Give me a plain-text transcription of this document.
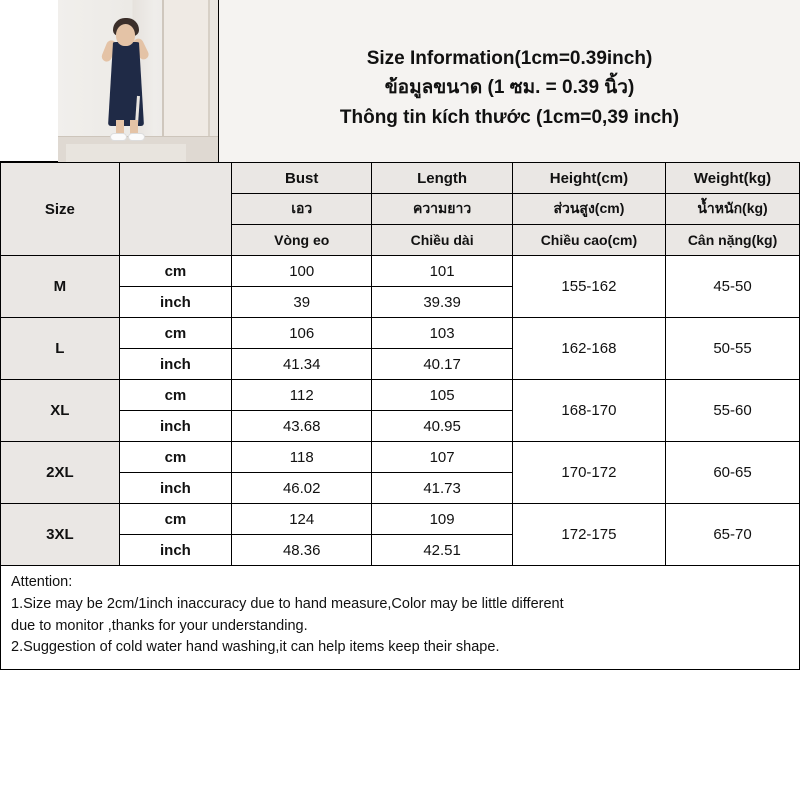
Size Information(1cm=0.39inch)
ข้อมูลขนาด (1 ซม. = 0.39 นิ้ว)
Thông tin kích thước (1cm=0,39 inch)
Size		Bust	Length	Height(cm)	Weight(kg)
		เอว	ความยาว	ส่วนสูง(cm)	น้ำหนัก(kg)
		Vòng eo	Chiều dài	Chiều cao(cm)	Cân nặng(kg)
M	cm	100	101	155-162	45-50
	inch	39	39.39		
L	cm	106	103	162-168	50-55
	inch	41.34	40.17		
XL	cm	112	105	168-170	55-60
	inch	43.68	40.95		
2XL	cm	118	107	170-172	60-65
	inch	46.02	41.73		
3XL	cm	124	109	172-175	65-70
	inch	48.36	42.51		
Attention:
1.Size may be 2cm/1inch inaccuracy due to hand measure,Color may be little different
due to monitor ,thanks for your understanding.
2.Suggestion of cold water hand washing,it can help items keep their shape.
